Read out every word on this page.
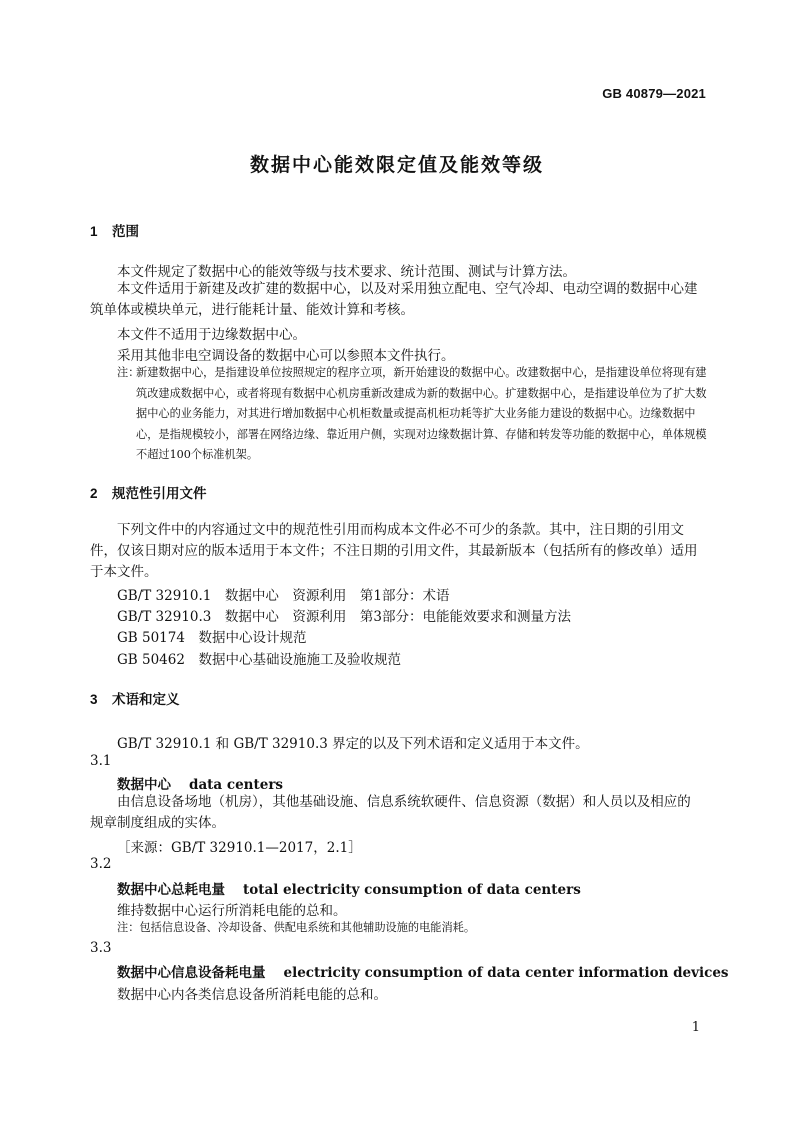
GB 40879—2021
数据中心能效限定值及能效等级
1 范围
本文件规定了数据中心的能效等级与技术要求、统计范围、测试与计算方法。
本文件适用于新建及改扩建的数据中心，以及对采用独立配电、空气冷却、电动空调的数据中心建筑单体或模块单元，进行能耗计量、能效计算和考核。
本文件不适用于边缘数据中心。
采用其他非电空调设备的数据中心可以参照本文件执行。
注：
新建数据中心，是指建设单位按照规定的程序立项，新开始建设的数据中心。改建数据中心，是指建设单位将现有建筑改建成数据中心，或者将现有数据中心机房重新改建成为新的数据中心。扩建数据中心，是指建设单位为了扩大数据中心的业务能力，对其进行增加数据中心机柜数量或提高机柜功耗等扩大业务能力建设的数据中心。边缘数据中心，是指规模较小，部署在网络边缘、靠近用户侧，实现对边缘数据计算、存储和转发等功能的数据中心，单体规模不超过100个标准机架。
2 规范性引用文件
下列文件中的内容通过文中的规范性引用而构成本文件必不可少的条款。其中，注日期的引用文件，仅该日期对应的版本适用于本文件；不注日期的引用文件，其最新版本（包括所有的修改单）适用于本文件。
GB/T 32910.1　数据中心　资源利用　第1部分：术语
GB/T 32910.3　数据中心　资源利用　第3部分：电能能效要求和测量方法
GB 50174　数据中心设计规范
GB 50462　数据中心基础设施施工及验收规范
3 术语和定义
GB/T 32910.1 和 GB/T 32910.3 界定的以及下列术语和定义适用于本文件。
3.1
数据中心 data centers
由信息设备场地（机房），其他基础设施、信息系统软硬件、信息资源（数据）和人员以及相应的规章制度组成的实体。
［来源：GB/T 32910.1—2017，2.1］
3.2
数据中心总耗电量 total electricity consumption of data centers
维持数据中心运行所消耗电能的总和。
注：包括信息设备、冷却设备、供配电系统和其他辅助设施的电能消耗。
3.3
数据中心信息设备耗电量 electricity consumption of data center information devices
数据中心内各类信息设备所消耗电能的总和。
1
